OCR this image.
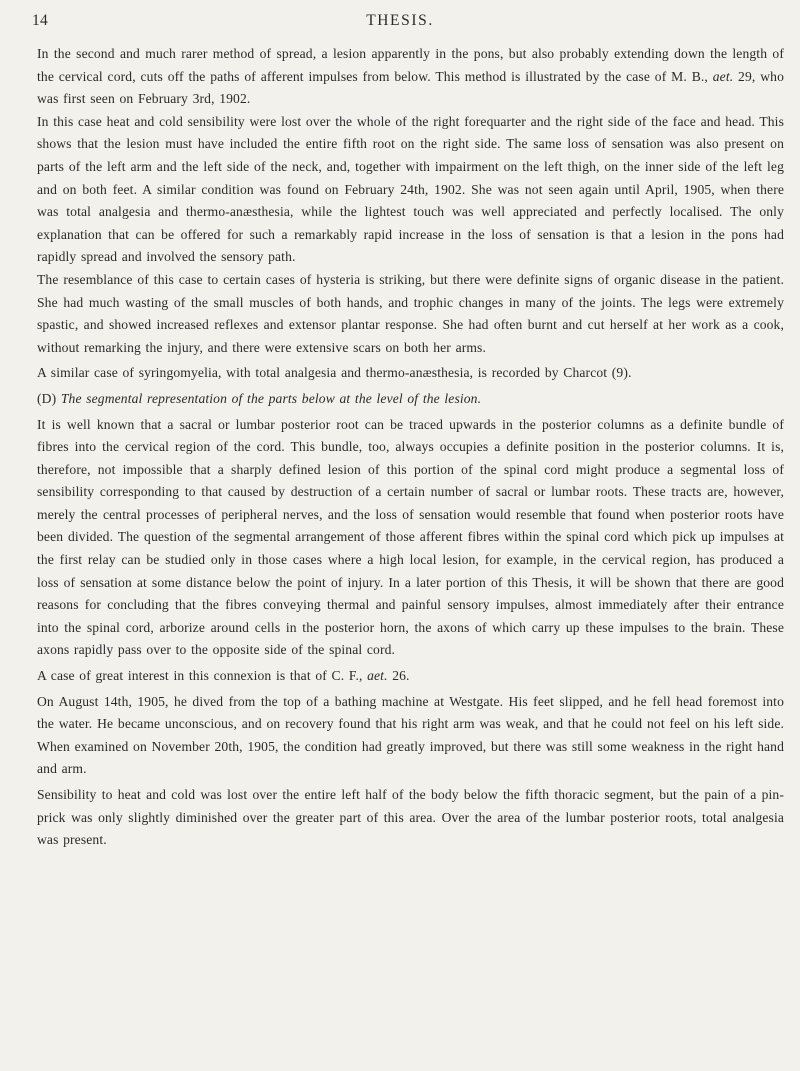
14	THESIS.

In the second and much rarer method of spread, a lesion apparently in the pons, but also probably extending down the length of the cervical cord, cuts off the paths of afferent impulses from below. This method is illustrated by the case of M. B., aet. 29, who was first seen on February 3rd, 1902.

In this case heat and cold sensibility were lost over the whole of the right forequarter and the right side of the face and head. This shows that the lesion must have included the entire fifth root on the right side. The same loss of sensation was also present on parts of the left arm and the left side of the neck, and, together with impairment on the left thigh, on the inner side of the left leg and on both feet. A similar condition was found on February 24th, 1902. She was not seen again until April, 1905, when there was total analgesia and thermo-anæsthesia, while the lightest touch was well appreciated and perfectly localised. The only explanation that can be offered for such a remarkably rapid increase in the loss of sensation is that a lesion in the pons had rapidly spread and involved the sensory path.

The resemblance of this case to certain cases of hysteria is striking, but there were definite signs of organic disease in the patient. She had much wasting of the small muscles of both hands, and trophic changes in many of the joints. The legs were extremely spastic, and showed increased reflexes and extensor plantar response. She had often burnt and cut herself at her work as a cook, without remarking the injury, and there were extensive scars on both her arms.

A similar case of syringomyelia, with total analgesia and thermo-anæsthesia, is recorded by Charcot (9).

(D) The segmental representation of the parts below at the level of the lesion.

It is well known that a sacral or lumbar posterior root can be traced upwards in the posterior columns as a definite bundle of fibres into the cervical region of the cord. This bundle, too, always occupies a definite position in the posterior columns. It is, therefore, not impossible that a sharply defined lesion of this portion of the spinal cord might produce a segmental loss of sensibility corresponding to that caused by destruction of a certain number of sacral or lumbar roots. These tracts are, however, merely the central processes of peripheral nerves, and the loss of sensation would resemble that found when posterior roots have been divided. The question of the segmental arrangement of those afferent fibres within the spinal cord which pick up impulses at the first relay can be studied only in those cases where a high local lesion, for example, in the cervical region, has produced a loss of sensation at some distance below the point of injury. In a later portion of this Thesis, it will be shown that there are good reasons for concluding that the fibres conveying thermal and painful sensory impulses, almost immediately after their entrance into the spinal cord, arborize around cells in the posterior horn, the axons of which carry up these impulses to the brain. These axons rapidly pass over to the opposite side of the spinal cord.

A case of great interest in this connexion is that of C. F., aet. 26.

On August 14th, 1905, he dived from the top of a bathing machine at Westgate. His feet slipped, and he fell head foremost into the water. He became unconscious, and on recovery found that his right arm was weak, and that he could not feel on his left side. When examined on November 20th, 1905, the condition had greatly improved, but there was still some weakness in the right hand and arm.

Sensibility to heat and cold was lost over the entire left half of the body below the fifth thoracic segment, but the pain of a pin-prick was only slightly diminished over the greater part of this area. Over the area of the lumbar posterior roots, total analgesia was present.
